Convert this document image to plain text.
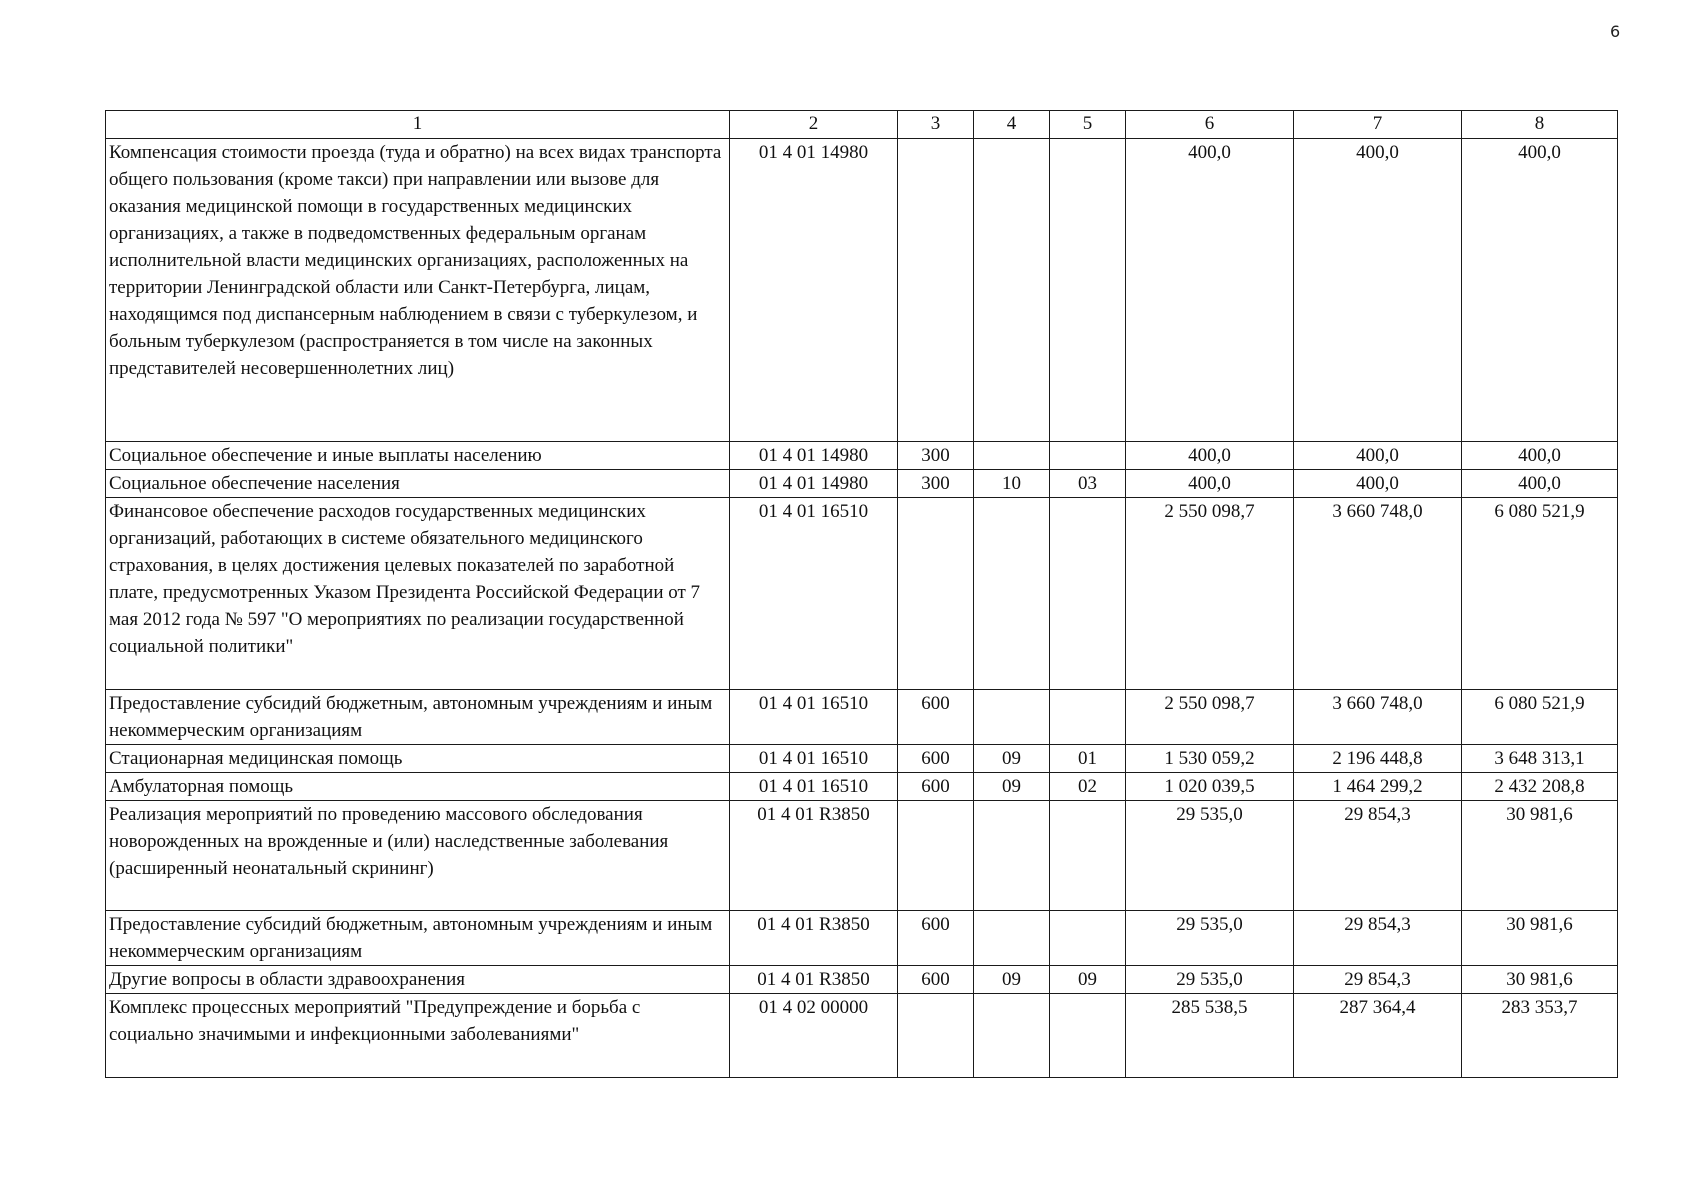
6
1	2	3	4	5	6	7	8
Компенсация стоимости проезда (туда и обратно) на всех видах транспорта общего пользования (кроме такси) при направлении или вызове для оказания медицинской помощи в государственных медицинских организациях, а также в подведомственных федеральным органам исполнительной власти медицинских организациях, расположенных на территории Ленинградской области или Санкт-Петербурга, лицам, находящимся под диспансерным наблюдением в связи с туберкулезом, и больным туберкулезом (распространяется в том числе на законных представителей несовершеннолетних лиц)	01 4 01 14980				400,0	400,0	400,0
Социальное обеспечение и иные выплаты населению	01 4 01 14980	300			400,0	400,0	400,0
Социальное обеспечение населения	01 4 01 14980	300	10	03	400,0	400,0	400,0
Финансовое обеспечение расходов государственных медицинских организаций, работающих в системе обязательного медицинского страхования, в целях достижения целевых показателей по заработной плате, предусмотренных Указом Президента Российской Федерации от 7 мая 2012 года № 597 "О мероприятиях по реализации государственной социальной политики"	01 4 01 16510				2 550 098,7	3 660 748,0	6 080 521,9
Предоставление субсидий бюджетным, автономным учреждениям и иным некоммерческим организациям	01 4 01 16510	600			2 550 098,7	3 660 748,0	6 080 521,9
Стационарная медицинская помощь	01 4 01 16510	600	09	01	1 530 059,2	2 196 448,8	3 648 313,1
Амбулаторная помощь	01 4 01 16510	600	09	02	1 020 039,5	1 464 299,2	2 432 208,8
Реализация мероприятий по проведению массового обследования новорожденных на врожденные и (или) наследственные заболевания (расширенный неонатальный скрининг)	01 4 01 R3850				29 535,0	29 854,3	30 981,6
Предоставление субсидий бюджетным, автономным учреждениям и иным некоммерческим организациям	01 4 01 R3850	600			29 535,0	29 854,3	30 981,6
Другие вопросы в области здравоохранения	01 4 01 R3850	600	09	09	29 535,0	29 854,3	30 981,6
Комплекс процессных мероприятий "Предупреждение и борьба с социально значимыми и инфекционными заболеваниями"	01 4 02 00000				285 538,5	287 364,4	283 353,7
